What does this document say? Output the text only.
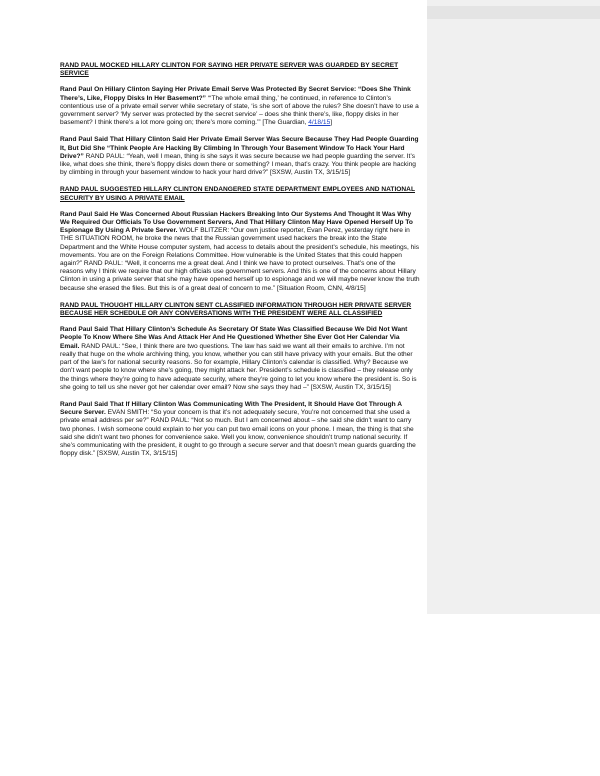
RAND PAUL MOCKED HILLARY CLINTON FOR SAYING HER PRIVATE SERVER WAS GUARDED BY SECRET SERVICE

Rand Paul On Hillary Clinton Saying Her Private Email Serve Was Protected By Secret Service: “Does She Think There’s, Like, Floppy Disks In Her Basement?” “‘The whole email thing,’ he continued, in reference to Clinton’s contentious use of a private email server while secretary of state, ‘is she sort of above the rules? She doesn’t have to use a government server? ‘My server was protected by the secret service’ – does she think there’s, like, floppy disks in her basement? I think there’s a lot more going on; there’s more coming.’” [The Guardian, 4/18/15]

Rand Paul Said That Hillary Clinton Said Her Private Email Server Was Secure Because They Had People Guarding It, But Did She “Think People Are Hacking By Climbing In Through Your Basement Window To Hack Your Hard Drive?” RAND PAUL: “Yeah, well I mean, thing is she says it was secure because we had people guarding the server. It’s like, what does she think, there’s floppy disks down there or something? I mean, that’s crazy. You think people are hacking by climbing in through your basement window to hack your hard drive?” [SXSW, Austin TX, 3/15/15]

RAND PAUL SUGGESTED HILLARY CLINTON ENDANGERED STATE DEPARTMENT EMPLOYEES AND NATIONAL SECURITY BY USING A PRIVATE EMAIL

Rand Paul Said He Was Concerned About Russian Hackers Breaking Into Our Systems And Thought It Was Why We Required Our Officials To Use Government Servers, And That Hillary Clinton May Have Opened Herself Up To Espionage By Using A Private Server. WOLF BLITZER: “Our own justice reporter, Evan Perez, yesterday right here in THE SITUATION ROOM, he broke the news that the Russian government used hackers the break into the State Department and the White House computer system, had access to details about the president’s schedule, his meetings, his movements. You are on the Foreign Relations Committee. How vulnerable is the United States that this could happen again?” RAND PAUL: “Well, it concerns me a great deal. And I think we have to protect ourselves. That’s one of the reasons why I think we require that our high officials use government servers. And this is one of the concerns about Hillary Clinton in using a private server that she may have opened herself up to espionage and we will maybe never know the truth because she erased the files. But this is of a great deal of concern to me.” [Situation Room, CNN, 4/8/15]

RAND PAUL THOUGHT HILLARY CLINTON SENT CLASSIFIED INFORMATION THROUGH HER PRIVATE SERVER BECAUSE HER SCHEDULE OR ANY CONVERSATIONS WITH THE PRESIDENT WERE ALL CLASSIFIED

Rand Paul Said That Hillary Clinton’s Schedule As Secretary Of State Was Classified Because We Did Not Want People To Know Where She Was And Attack Her And He Questioned Whether She Ever Got Her Calendar Via Email. RAND PAUL: “See, I think there are two questions. The law has said we want all their emails to archive. I’m not really that huge on the whole archiving thing, you know, whether you can still have privacy with your emails. But the other part of the law’s for national security reasons. So for example, Hillary Clinton’s calendar is classified. Why? Because we don’t want people to know where she’s going, they might attack her. President’s schedule is classified – they release only the things where they’re going to have adequate security, where they’re going to let you know where the president is. So is she going to tell us she never got her calendar over email? Now she says they had –” [SXSW, Austin TX, 3/15/15]

Rand Paul Said That If Hillary Clinton Was Communicating With The President, It Should Have Got Through A Secure Server. EVAN SMITH: “So your concern is that it’s not adequately secure, You’re not concerned that she used a private email address per se?” RAND PAUL: “Not so much. But I am concerned about – she said she didn’t want to carry two phones. I wish someone could explain to her you can put two email icons on your phone. I mean, the thing is that she said she didn’t want two phones for convenience sake. Well you know, convenience shouldn’t trump national security. If she’s communicating with the president, it ought to go through a secure server and that doesn’t mean guards guarding the floppy disk.” [SXSW, Austin TX, 3/15/15]
